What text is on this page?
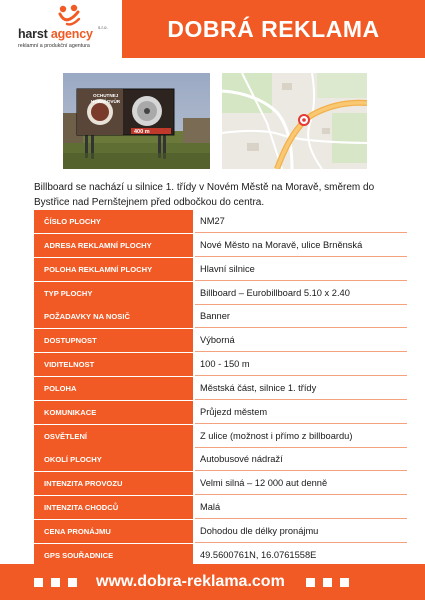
harst agency s.r.o.
reklamní a produkční agentura
DOBRÁ REKLAMA
OCHUTNEJ
HORNÍ DVŮR
400 m

Billboard se nachází u silnice 1. třídy v Novém Městě na Moravě, směrem do Bystřice nad Pernštejnem před odbočkou do centra.

ČÍSLO PLOCHY	NM27
ADRESA REKLAMNÍ PLOCHY	Nové Město na Moravě, ulice Brněnská
POLOHA REKLAMNÍ PLOCHY	Hlavní silnice
TYP PLOCHY	Billboard – Eurobillboard 5.10 x 2.40
POŽADAVKY NA NOSIČ	Banner
DOSTUPNOST	Výborná
VIDITELNOST	100 - 150 m
POLOHA	Městská část, silnice 1. třídy
KOMUNIKACE	Průjezd městem
OSVĚTLENÍ	Z ulice (možnost i přímo z billboardu)
OKOLÍ PLOCHY	Autobusové nádraží
INTENZITA PROVOZU	Velmi silná – 12 000 aut denně
INTENZITA CHODCŮ	Malá
CENA PRONÁJMU	Dohodou dle délky pronájmu
GPS SOUŘADNICE	49.5600761N, 16.0761558E
www.dobra-reklama.com
